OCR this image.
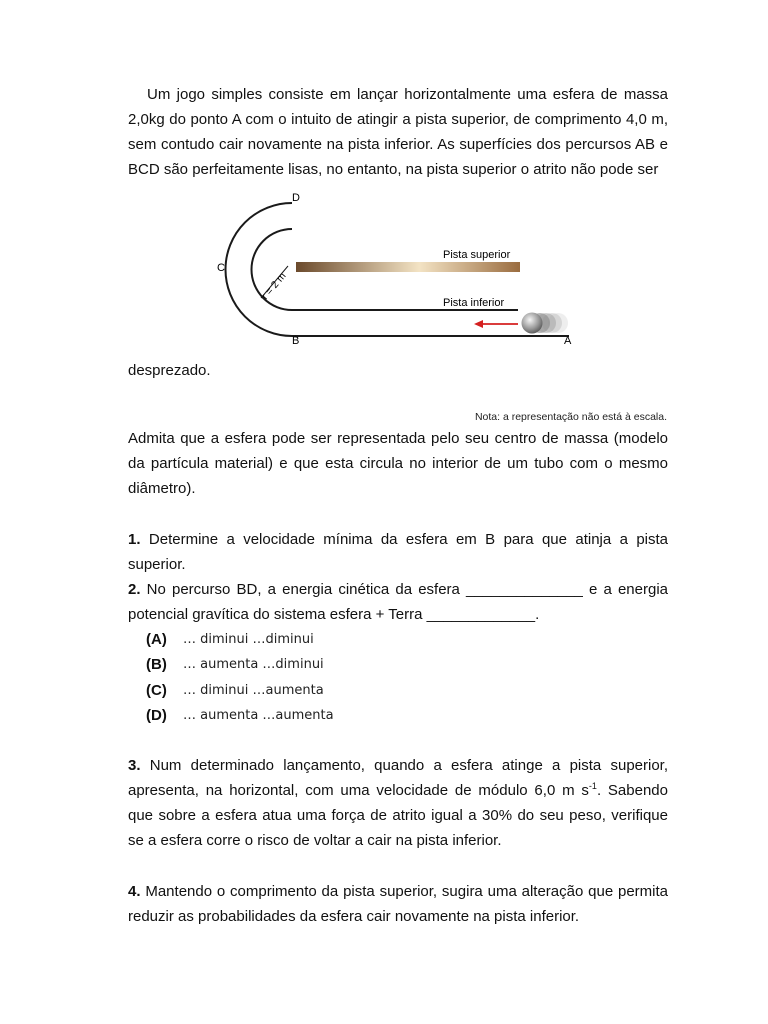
Um jogo simples consiste em lançar horizontalmente uma esfera de massa 2,0kg do ponto A com o intuito de atingir a pista superior, de comprimento 4,0 m, sem contudo cair novamente na pista inferior. As superfícies dos percursos AB e BCD são perfeitamente lisas, no entanto, na pista superior o atrito não pode ser
r = 2 m
D
C
B	A
Pista superior
Pista inferior
desprezado.
Nota: a representação não está à escala.
Admita que a esfera pode ser representada pelo seu centro de massa (modelo da partícula material) e que esta circula no interior de um tubo com o mesmo diâmetro).
1. Determine a velocidade mínima da esfera em B para que atinja a pista superior.
2. No percurso BD, a energia cinética da esfera ______________ e a energia potencial gravítica do sistema esfera + Terra _____________.
(A)	… diminui …diminui
(B)	… aumenta …diminui
(C)	… diminui …aumenta
(D)	… aumenta …aumenta
3. Num determinado lançamento, quando a esfera atinge a pista superior, apresenta, na horizontal, com uma velocidade de módulo 6,0 m $s^{-1}$. Sabendo que sobre a esfera atua uma força de atrito igual a 30% do seu peso, verifique se a esfera corre o risco de voltar a cair na pista inferior.
4. Mantendo o comprimento da pista superior, sugira uma alteração que permita reduzir as probabilidades da esfera cair novamente na pista inferior.
